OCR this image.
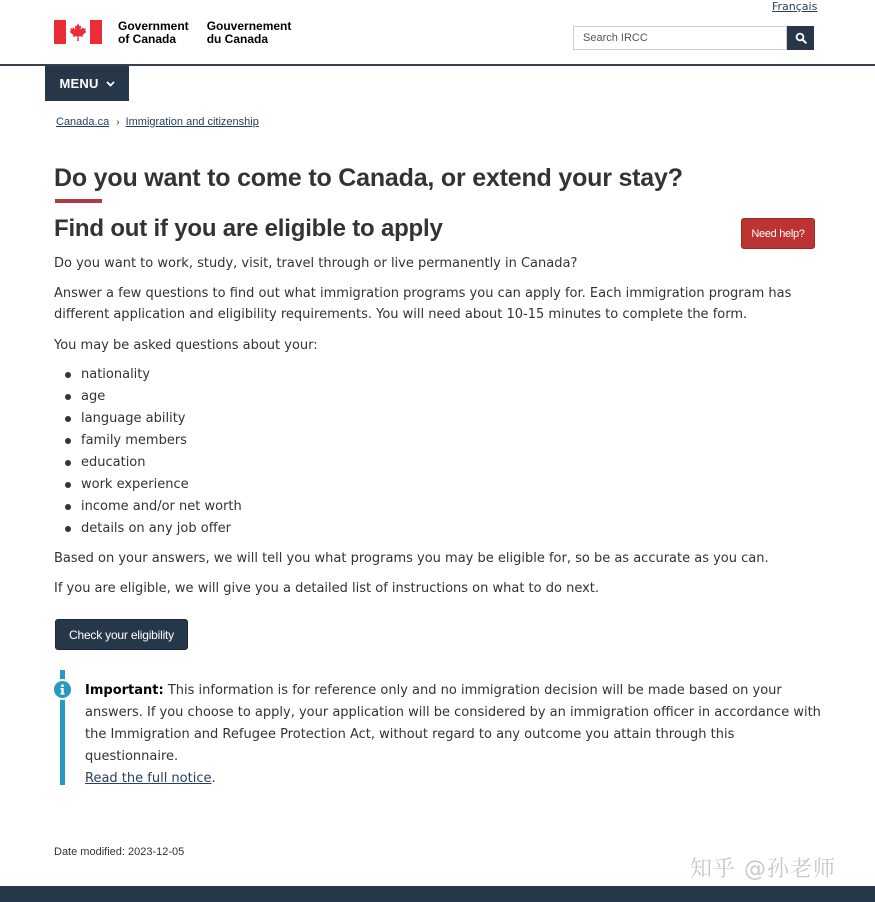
Français
Government
of Canada
Gouvernement
du Canada
Search IRCC
MENU
Canada.ca › Immigration and citizenship
Do you want to come to Canada, or extend your stay?
Find out if you are eligible to apply	Need help?

Do you want to work, study, visit, travel through or live permanently in Canada?

Answer a few questions to find out what immigration programs you can apply for. Each immigration program has different application and eligibility requirements. You will need about 10-15 minutes to complete the form.

You may be asked questions about your:

nationality
age
language ability
family members
education
work experience
income and/or net worth
details on any job offer

Based on your answers, we will tell you what programs you may be eligible for, so be as accurate as you can.

If you are eligible, we will give you a detailed list of instructions on what to do next.

Check your eligibility

Important: This information is for reference only and no immigration decision will be made based on your answers. If you choose to apply, your application will be considered by an immigration officer in accordance with the Immigration and Refugee Protection Act, without regard to any outcome you attain through this questionnaire.
Read the full notice.

Date modified: 2023-12-05
知乎 @孙老师
